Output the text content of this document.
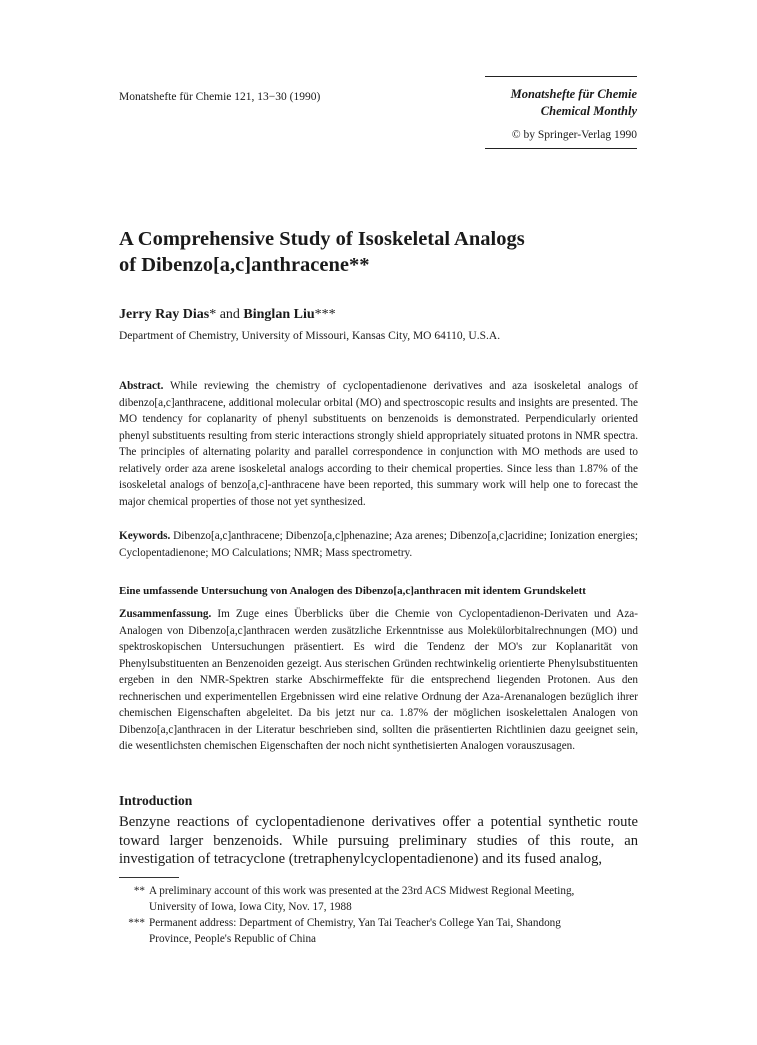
Monatshefte für Chemie 121, 13−30 (1990)	Monatshefte für Chemie
Chemical Monthly
© by Springer-Verlag 1990
A Comprehensive Study of Isoskeletal Analogs
of Dibenzo[a,c]anthracene**
Jerry Ray Dias* and Binglan Liu***
Department of Chemistry, University of Missouri, Kansas City, MO 64110, U.S.A.

Abstract. While reviewing the chemistry of cyclopentadienone derivatives and aza isoskeletal analogs of dibenzo[a,c]anthracene, additional molecular orbital (MO) and spectroscopic results and insights are presented. The MO tendency for coplanarity of phenyl substituents on benzenoids is demonstrated. Perpendicularly oriented phenyl substituents resulting from steric interactions strongly shield appropriately situated protons in NMR spectra. The principles of alternating polarity and parallel correspondence in conjunction with MO methods are used to relatively order aza arene isoskeletal analogs according to their chemical properties. Since less than 1.87% of the isoskeletal analogs of benzo[a,c]-anthracene have been reported, this summary work will help one to forecast the major chemical properties of those not yet synthesized.

Keywords. Dibenzo[a,c]anthracene; Dibenzo[a,c]phenazine; Aza arenes; Dibenzo[a,c]acridine; Ionization energies; Cyclopentadienone; MO Calculations; NMR; Mass spectrometry.

Eine umfassende Untersuchung von Analogen des Dibenzo[a,c]anthracen mit identem Grundskelett

Zusammenfassung. Im Zuge eines Überblicks über die Chemie von Cyclopentadienon-Derivaten und Aza-Analogen von Dibenzo[a,c]anthracen werden zusätzliche Erkenntnisse aus Molekülorbitalrechnungen (MO) und spektroskopischen Untersuchungen präsentiert. Es wird die Tendenz der MO's zur Koplanarität von Phenylsubstituenten an Benzenoiden gezeigt. Aus sterischen Gründen rechtwinkelig orientierte Phenylsubstituenten ergeben in den NMR-Spektren starke Abschirmeffekte für die entsprechend liegenden Protonen. Aus den rechnerischen und experimentellen Ergebnissen wird eine relative Ordnung der Aza-Arenanalogen bezüglich ihrer chemischen Eigenschaften abgeleitet. Da bis jetzt nur ca. 1.87% der möglichen isoskelettalen Analogen von Dibenzo[a,c]anthracen in der Literatur beschrieben sind, sollten die präsentierten Richtlinien dazu geeignet sein, die wesentlichsten chemischen Eigenschaften der noch nicht synthetisierten Analogen vorauszusagen.

Introduction

Benzyne reactions of cyclopentadienone derivatives offer a potential synthetic route toward larger benzenoids. While pursuing preliminary studies of this route, an investigation of tetracyclone (tretraphenylcyclopentadienone) and its fused analog,

** A preliminary account of this work was presented at the 23rd ACS Midwest Regional Meeting,
University of Iowa, Iowa City, Nov. 17, 1988

*** Permanent address: Department of Chemistry, Yan Tai Teacher's College Yan Tai, Shandong
Province, People's Republic of China
